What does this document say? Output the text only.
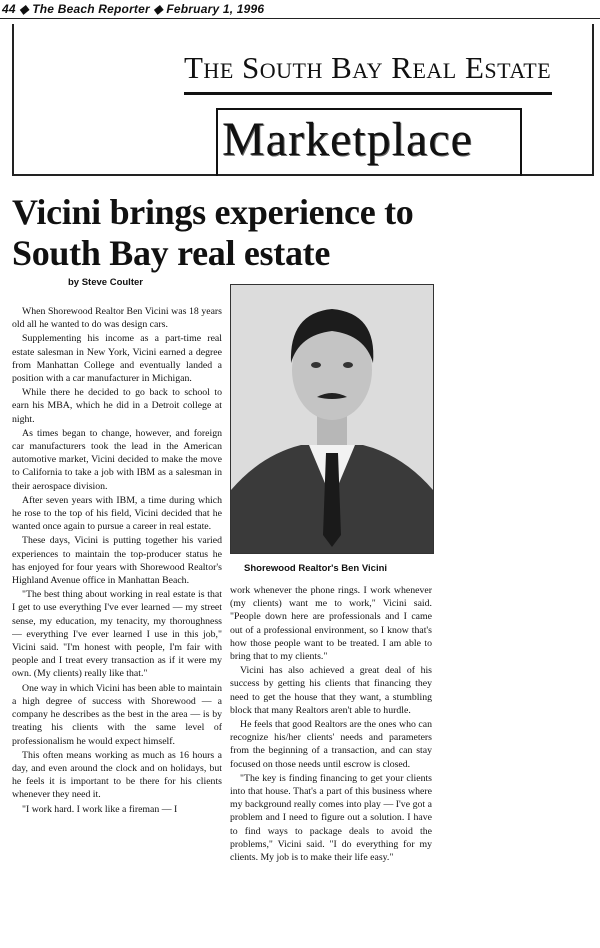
44 ◆ The Beach Reporter ◆ February 1, 1996
The South Bay Real Estate
Marketplace
Vicini brings experience to South Bay real estate
by Steve Coulter
Shorewood Realtor's Ben Vicini

When Shorewood Realtor Ben Vicini was 18 years old all he wanted to do was design cars.

Supplementing his income as a part-time real estate salesman in New York, Vicini earned a degree from Manhattan College and eventually landed a position with a car manufacturer in Michigan.

While there he decided to go back to school to earn his MBA, which he did in a Detroit college at night.

As times began to change, however, and foreign car manufacturers took the lead in the American automotive market, Vicini decided to make the move to California to take a job with IBM as a salesman in their aerospace division.

After seven years with IBM, a time during which he rose to the top of his field, Vicini decided that he wanted once again to pursue a career in real estate.

These days, Vicini is putting together his varied experiences to maintain the top-producer status he has enjoyed for four years with Shorewood Realtor's Highland Avenue office in Manhattan Beach.

"The best thing about working in real estate is that I get to use everything I've ever learned — my street sense, my education, my tenacity, my thoroughness — everything I've ever learned I use in this job," Vicini said. "I'm honest with people, I'm fair with people and I treat every transaction as if it were my own. (My clients) really like that."

One way in which Vicini has been able to maintain a high degree of success with Shorewood — a company he describes as the best in the area — is by treating his clients with the same level of professionalism he would expect himself.

This often means working as much as 16 hours a day, and even around the clock and on holidays, but he feels it is important to be there for his clients whenever they need it.

"I work hard. I work like a fireman — I

work whenever the phone rings. I work whenever (my clients) want me to work," Vicini said. "People down here are professionals and I came out of a professional environment, so I know that's how those people want to be treated. I am able to bring that to my clients."

Vicini has also achieved a great deal of his success by getting his clients that financing they need to get the house that they want, a stumbling block that many Realtors aren't able to hurdle.

He feels that good Realtors are the ones who can recognize his/her clients' needs and parameters from the beginning of a transaction, and can stay focused on those needs until escrow is closed.

"The key is finding financing to get your clients into that house. That's a part of this business where my background really comes into play — I've got a problem and I need to figure out a solution. I have to find ways to package deals to avoid the problems," Vicini said. "I do everything for my clients. My job is to make their life easy."
